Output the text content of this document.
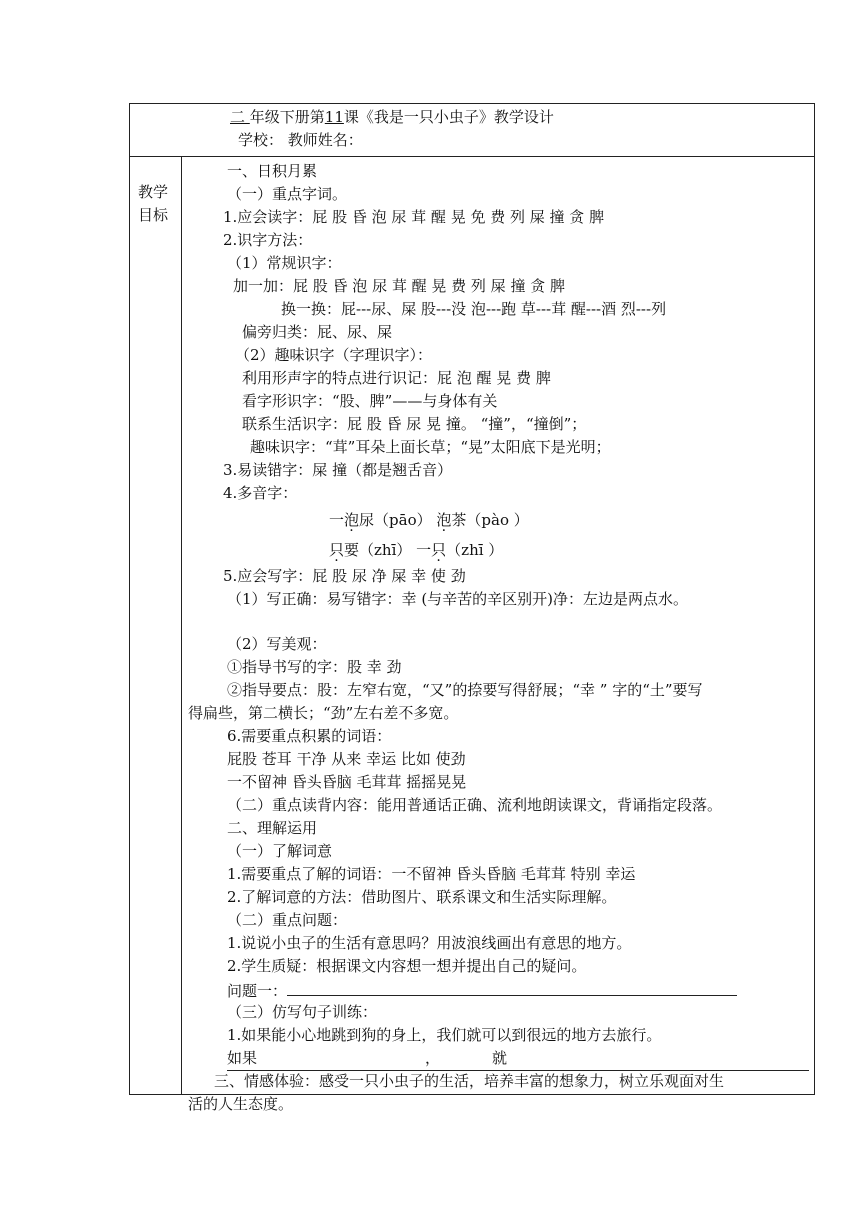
二 年级下册第11课《我是一只小虫子》教学设计
学校： 教师姓名：
教学目标
一、日积月累
（一）重点字词。
1.应会读字：屁 股 昏 泡 尿 茸 醒 晃 免 费 列 屎 撞 贪 脾
2.识字方法：
（1）常规识字：
加一加：屁 股 昏 泡 尿 茸 醒 晃 费 列 屎 撞 贪 脾
换一换：屁---尿、屎 股---没 泡---跑 草---茸 醒---酒 烈---列
偏旁归类：屁、尿、屎
（2）趣味识字（字理识字）：
利用形声字的特点进行识记：屁 泡 醒 晃 费 脾
看字形识字：“股、脾”——与身体有关
联系生活识字：屁 股 昏 尿 晃 撞。 “撞”，“撞倒”；
趣味识字：“茸”耳朵上面长草；“晃”太阳底下是光明；
3.易读错字：屎 撞（都是翘舌音）
4.多音字：
一泡尿（pāo） 泡茶（pào ）
只要（zhī） 一只（zhī ）
5.应会写字：屁 股 尿 净 屎 幸 使 劲
（1）写正确：易写错字：幸 (与辛苦的辛区别开)净：左边是两点水。
（2）写美观：
①指导书写的字：股 幸 劲
②指导要点：股：左窄右宽，“又”的捺要写得舒展；“幸 ” 字的“土”要写
得扁些，第二横长；“劲”左右差不多宽。
6.需要重点积累的词语：
屁股 苍耳 干净 从来 幸运 比如 使劲
一不留神 昏头昏脑 毛茸茸 摇摇晃晃
（二）重点读背内容：能用普通话正确、流利地朗读课文，背诵指定段落。
二、理解运用
（一）了解词意
1.需要重点了解的词语：一不留神 昏头昏脑 毛茸茸 特别 幸运
2.了解词意的方法：借助图片、联系课文和生活实际理解。
（二）重点问题：
1.说说小虫子的生活有意思吗？用波浪线画出有意思的地方。
2.学生质疑：根据课文内容想一想并提出自己的疑问。
问题一：
（三）仿写句子训练：
1.如果能小心地跳到狗的身上，我们就可以到很远的地方去旅行。
如果	，	就
三、情感体验：感受一只小虫子的生活，培养丰富的想象力，树立乐观面对生
活的人生态度。
